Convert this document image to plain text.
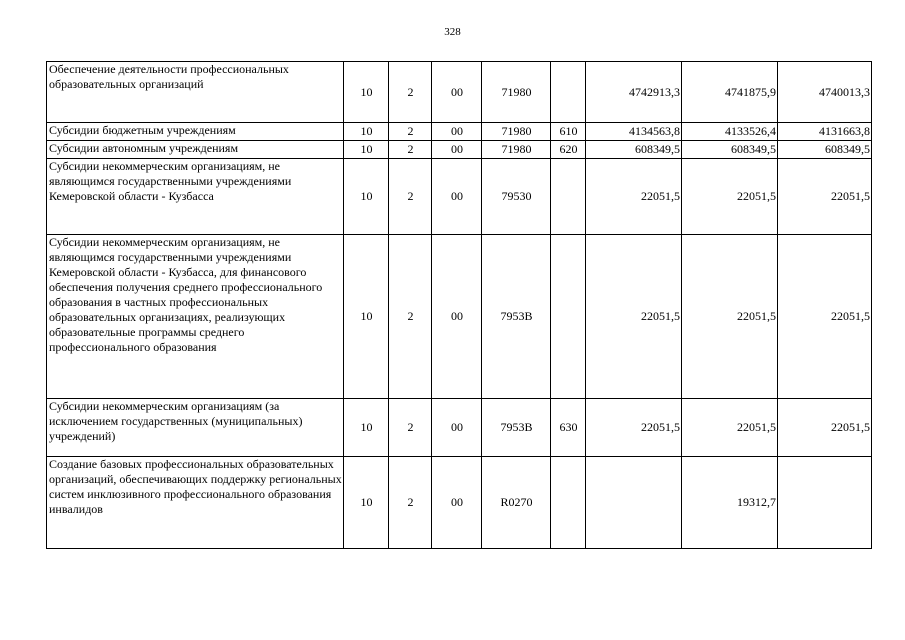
328
Обеспечение деятельности профессиональных образовательных организаций	10	2	00	71980		4742913,3	4741875,9	4740013,3
Субсидии бюджетным учреждениям	10	2	00	71980	610	4134563,8	4133526,4	4131663,8
Субсидии автономным учреждениям	10	2	00	71980	620	608349,5	608349,5	608349,5
Субсидии некоммерческим организациям, не являющимся государственными учреждениями Кемеровской области - Кузбасса	10	2	00	79530		22051,5	22051,5	22051,5
Субсидии некоммерческим организациям, не являющимся государственными учреждениями Кемеровской области - Кузбасса, для финансового обеспечения получения среднего профессионального образования в частных профессиональных образовательных организациях, реализующих образовательные программы среднего профессионального образования	10	2	00	7953В		22051,5	22051,5	22051,5
Субсидии некоммерческим организациям (за исключением государственных (муниципальных) учреждений)	10	2	00	7953В	630	22051,5	22051,5	22051,5
Создание базовых профессиональных образовательных организаций, обеспечивающих поддержку региональных систем инклюзивного профессионального образования инвалидов	10	2	00	R0270			19312,7	
